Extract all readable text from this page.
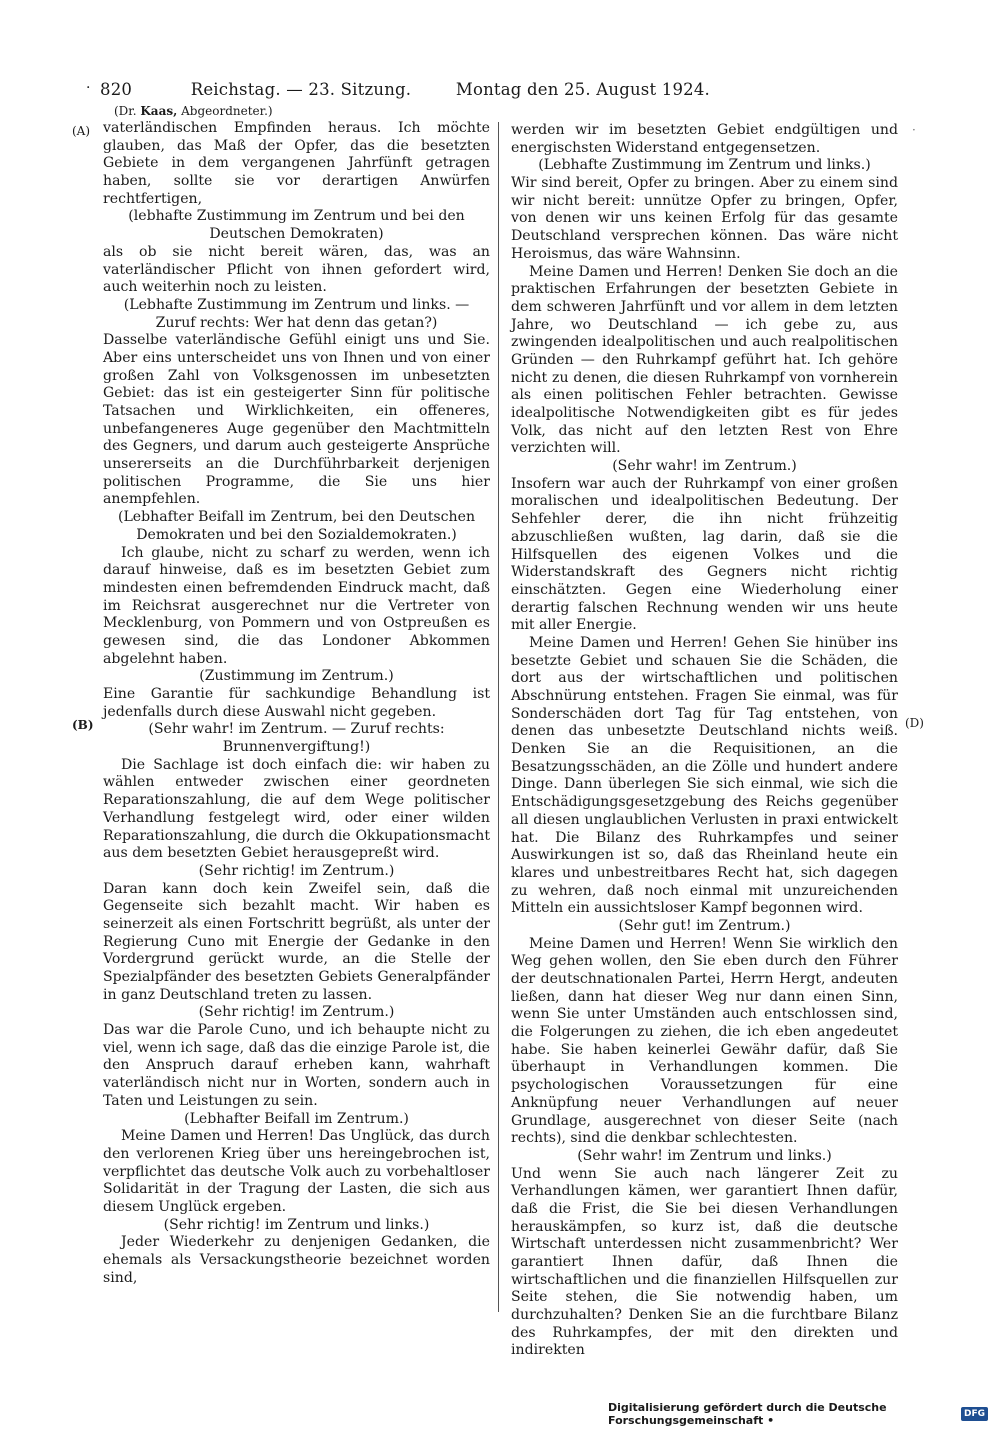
· 820	Reichstag. — 23. Sitzung.	Montag den 25. August 1924.
(Dr. Kaas, Abgeordneter.)
(A)
(B)	(D)
·

vaterländischen Empfinden heraus. Ich möchte glauben, das Maß der Opfer, das die besetzten Gebiete in dem vergangenen Jahrfünft getragen haben, sollte sie vor derartigen Anwürfen rechtfertigen,

(lebhafte Zustimmung im Zentrum und bei den Deutschen Demokraten)

als ob sie nicht bereit wären, das, was an vaterländischer Pflicht von ihnen gefordert wird, auch weiterhin noch zu leisten.

(Lebhafte Zustimmung im Zentrum und links. — Zuruf rechts: Wer hat denn das getan?)

Dasselbe vaterländische Gefühl einigt uns und Sie. Aber eins unterscheidet uns von Ihnen und von einer großen Zahl von Volksgenossen im unbesetzten Gebiet: das ist ein gesteigerter Sinn für politische Tatsachen und Wirklichkeiten, ein offeneres, unbefangeneres Auge gegenüber den Machtmitteln des Gegners, und darum auch gesteigerte Ansprüche unsererseits an die Durchführbarkeit derjenigen politischen Programme, die Sie uns hier anempfehlen.

(Lebhafter Beifall im Zentrum, bei den Deutschen Demokraten und bei den Sozialdemokraten.)

Ich glaube, nicht zu scharf zu werden, wenn ich darauf hinweise, daß es im besetzten Gebiet zum mindesten einen befremdenden Eindruck macht, daß im Reichsrat ausgerechnet nur die Vertreter von Mecklenburg, von Pommern und von Ostpreußen es gewesen sind, die das Londoner Abkommen abgelehnt haben.

(Zustimmung im Zentrum.)

Eine Garantie für sachkundige Behandlung ist jedenfalls durch diese Auswahl nicht gegeben.

(Sehr wahr! im Zentrum. — Zuruf rechts: Brunnenvergiftung!)

Die Sachlage ist doch einfach die: wir haben zu wählen entweder zwischen einer geordneten Reparationszahlung, die auf dem Wege politischer Verhandlung festgelegt wird, oder einer wilden Reparationszahlung, die durch die Okkupationsmacht aus dem besetzten Gebiet herausgepreßt wird.

(Sehr richtig! im Zentrum.)

Daran kann doch kein Zweifel sein, daß die Gegenseite sich bezahlt macht. Wir haben es seinerzeit als einen Fortschritt begrüßt, als unter der Regierung Cuno mit Energie der Gedanke in den Vordergrund gerückt wurde, an die Stelle der Spezialpfänder des besetzten Gebiets Generalpfänder in ganz Deutschland treten zu lassen.

(Sehr richtig! im Zentrum.)

Das war die Parole Cuno, und ich behaupte nicht zu viel, wenn ich sage, daß das die einzige Parole ist, die den Anspruch darauf erheben kann, wahrhaft vaterländisch nicht nur in Worten, sondern auch in Taten und Leistungen zu sein.

(Lebhafter Beifall im Zentrum.)

Meine Damen und Herren! Das Unglück, das durch den verlorenen Krieg über uns hereingebrochen ist, verpflichtet das deutsche Volk auch zu vorbehaltloser Solidarität in der Tragung der Lasten, die sich aus diesem Unglück ergeben.

(Sehr richtig! im Zentrum und links.)

Jeder Wiederkehr zu denjenigen Gedanken, die ehemals als Versackungstheorie bezeichnet worden sind,

werden wir im besetzten Gebiet endgültigen und energischsten Widerstand entgegensetzen.

(Lebhafte Zustimmung im Zentrum und links.)

Wir sind bereit, Opfer zu bringen. Aber zu einem sind wir nicht bereit: unnütze Opfer zu bringen, Opfer, von denen wir uns keinen Erfolg für das gesamte Deutschland versprechen können. Das wäre nicht Heroismus, das wäre Wahnsinn.

Meine Damen und Herren! Denken Sie doch an die praktischen Erfahrungen der besetzten Gebiete in dem schweren Jahrfünft und vor allem in dem letzten Jahre, wo Deutschland — ich gebe zu, aus zwingenden idealpolitischen und auch realpolitischen Gründen — den Ruhrkampf geführt hat. Ich gehöre nicht zu denen, die diesen Ruhrkampf von vornherein als einen politischen Fehler betrachten. Gewisse idealpolitische Notwendigkeiten gibt es für jedes Volk, das nicht auf den letzten Rest von Ehre verzichten will.

(Sehr wahr! im Zentrum.)

Insofern war auch der Ruhrkampf von einer großen moralischen und idealpolitischen Bedeutung. Der Sehfehler derer, die ihn nicht frühzeitig abzuschließen wußten, lag darin, daß sie die Hilfsquellen des eigenen Volkes und die Widerstandskraft des Gegners nicht richtig einschätzten. Gegen eine Wiederholung einer derartig falschen Rechnung wenden wir uns heute mit aller Energie.

Meine Damen und Herren! Gehen Sie hinüber ins besetzte Gebiet und schauen Sie die Schäden, die dort aus der wirtschaftlichen und politischen Abschnürung entstehen. Fragen Sie einmal, was für Sonderschäden dort Tag für Tag entstehen, von denen das unbesetzte Deutschland nichts weiß. Denken Sie an die Requisitionen, an die Besatzungsschäden, an die Zölle und hundert andere Dinge. Dann überlegen Sie sich einmal, wie sich die Entschädigungsgesetzgebung des Reichs gegenüber all diesen unglaublichen Verlusten in praxi entwickelt hat. Die Bilanz des Ruhrkampfes und seiner Auswirkungen ist so, daß das Rheinland heute ein klares und unbestreitbares Recht hat, sich dagegen zu wehren, daß noch einmal mit unzureichenden Mitteln ein aussichtsloser Kampf begonnen wird.

(Sehr gut! im Zentrum.)

Meine Damen und Herren! Wenn Sie wirklich den Weg gehen wollen, den Sie eben durch den Führer der deutschnationalen Partei, Herrn Hergt, andeuten ließen, dann hat dieser Weg nur dann einen Sinn, wenn Sie unter Umständen auch entschlossen sind, die Folgerungen zu ziehen, die ich eben angedeutet habe. Sie haben keinerlei Gewähr dafür, daß Sie überhaupt in Verhandlungen kommen. Die psychologischen Voraussetzungen für eine Anknüpfung neuer Verhandlungen auf neuer Grundlage, ausgerechnet von dieser Seite (nach rechts), sind die denkbar schlechtesten.

(Sehr wahr! im Zentrum und links.)

Und wenn Sie auch nach längerer Zeit zu Verhandlungen kämen, wer garantiert Ihnen dafür, daß die Frist, die Sie bei diesen Verhandlungen herauskämpfen, so kurz ist, daß die deutsche Wirtschaft unterdessen nicht zusammenbricht? Wer garantiert Ihnen dafür, daß Ihnen die wirtschaftlichen und die finanziellen Hilfsquellen zur Seite stehen, die Sie notwendig haben, um durchzuhalten? Denken Sie an die furchtbare Bilanz des Ruhrkampfes, der mit den direkten und indirekten

Digitalisierung gefördert durch die Deutsche Forschungsgemeinschaft •	DFG
